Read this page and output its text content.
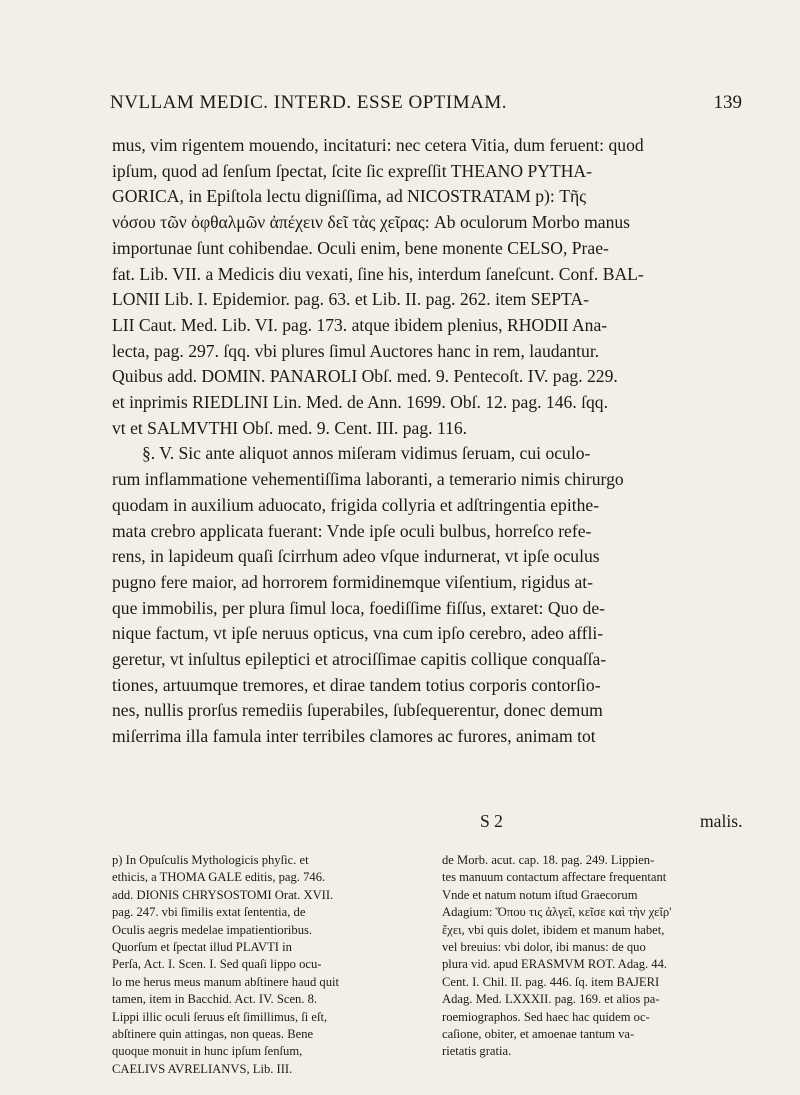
NVLLAM MEDIC. INTERD. ESSE OPTIMAM.	139
mus, vim rigentem mouendo, incitaturi: nec cetera Vitia, dum feruent: quod
ipſum, quod ad ſenſum ſpectat, ſcite ſic expreſſit THEANO PYTHA-
GORICA, in Epiſtola lectu digniſſima, ad NICOSTRATAM p): Τῆς
νόσου τῶν ὀφθαλμῶν ἀπέχειν δεῖ τὰς χεῖρας: Ab oculorum Morbo manus
importunae ſunt cohibendae. Oculi enim, bene monente CELSO, Prae-
fat. Lib. VII. a Medicis diu vexati, ſine his, interdum ſaneſcunt. Conf. BAL-
LONII Lib. I. Epidemior. pag. 63. et Lib. II. pag. 262. item SEPTA-
LII Caut. Med. Lib. VI. pag. 173. atque ibidem plenius, RHODII Ana-
lecta, pag. 297. ſqq. vbi plures ſimul Auctores hanc in rem, laudantur.
Quibus add. DOMIN. PANAROLI Obſ. med. 9. Pentecoſt. IV. pag. 229.
et inprimis RIEDLINI Lin. Med. de Ann. 1699. Obſ. 12. pag. 146. ſqq.
vt et SALMVTHI Obſ. med. 9. Cent. III. pag. 116.
§. V. Sic ante aliquot annos miſeram vidimus ſeruam, cui oculo-
rum inflammatione vehementiſſima laboranti, a temerario nimis chirurgo
quodam in auxilium aduocato, frigida collyria et adſtringentia epithe-
mata crebro applicata fuerant: Vnde ipſe oculi bulbus, horreſco refe-
rens, in lapideum quaſi ſcirrhum adeo vſque indurnerat, vt ipſe oculus
pugno fere maior, ad horrorem formidinemque viſentium, rigidus at-
que immobilis, per plura ſimul loca, foediſſime fiſſus, extaret: Quo de-
nique factum, vt ipſe neruus opticus, vna cum ipſo cerebro, adeo affli-
geretur, vt inſultus epileptici et atrociſſimae capitis collique conquaſſa-
tiones, artuumque tremores, et dirae tandem totius corporis contorſio-
nes, nullis prorſus remediis ſuperabiles, ſubſequerentur, donec demum
miſerrima illa famula inter terribiles clamores ac furores, animam tot
S 2	malis.
p) In Opuſculis Mythologicis phyſic. et
ethicis, a THOMA GALE editis, pag. 746.
add. DIONIS CHRYSOSTOMI Orat. XVII.
pag. 247. vbi ſimilis extat ſententia, de
Oculis aegris medelae impatientioribus.
Quorſum et ſpectat illud PLAVTI in
Perſa, Act. I. Scen. I. Sed quaſi lippo ocu-
lo me herus meus manum abſtinere haud quit
tamen, item in Bacchid. Act. IV. Scen. 8.
Lippi illic oculi ſeruus eſt ſimillimus, ſi eſt,
abſtinere quin attingas, non queas. Bene
quoque monuit in hunc ipſum ſenſum,
CAELIVS AVRELIANVS, Lib. III.
de Morb. acut. cap. 18. pag. 249. Lippien-
tes manuum contactum affectare frequentant
Vnde et natum notum iſtud Graecorum
Adagium: Ὅπου τις ἀλγεῖ, κεῖσε καὶ τὴν χεῖρ'
ἔχει, vbi quis dolet, ibidem et manum habet,
vel breuius: vbi dolor, ibi manus: de quo
plura vid. apud ERASMVM ROT. Adag. 44.
Cent. I. Chil. II. pag. 446. ſq. item BAJERI
Adag. Med. LXXXII. pag. 169. et alios pa-
roemiographos. Sed haec hac quidem oc-
caſione, obiter, et amoenae tantum va-
rietatis gratia.
